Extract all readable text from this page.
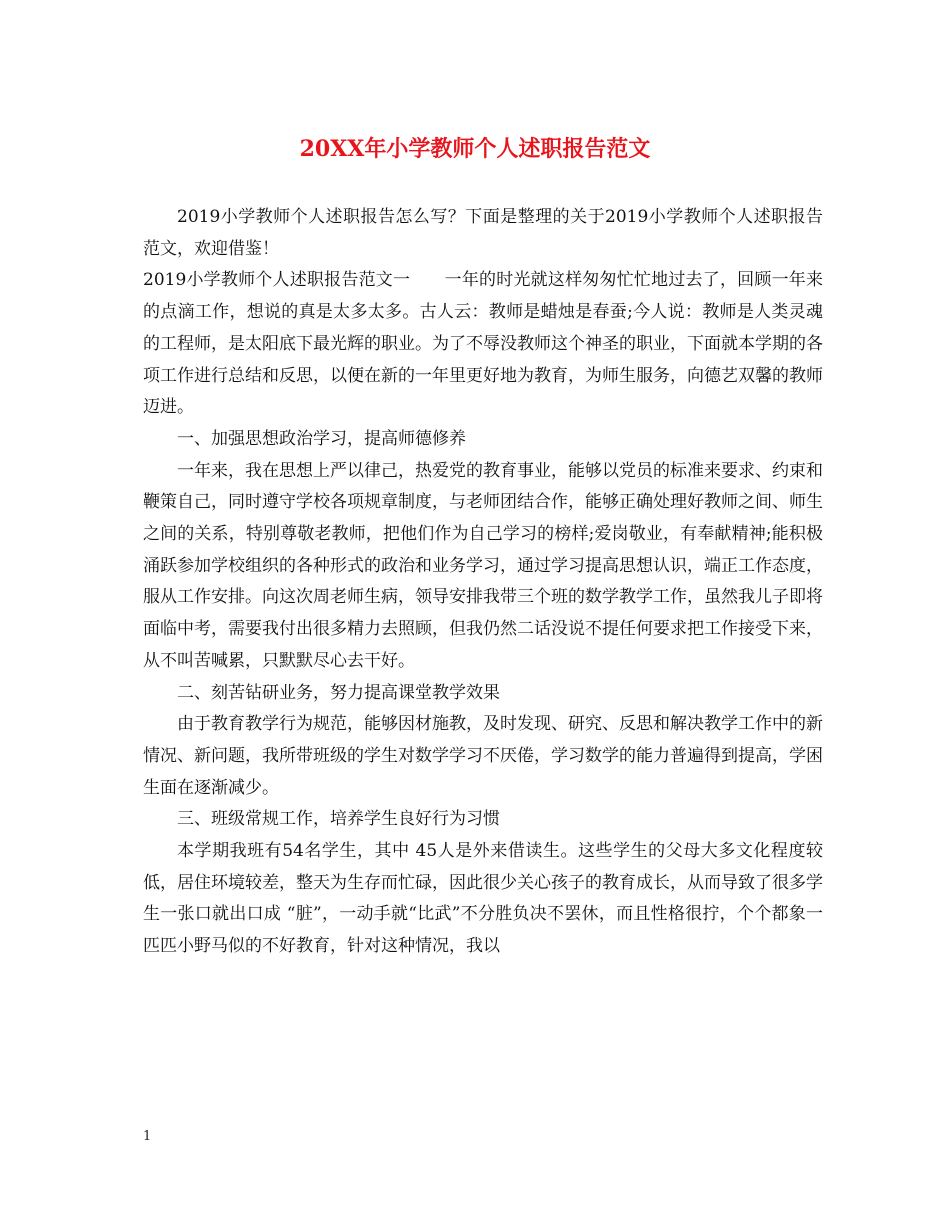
20XX年小学教师个人述职报告范文

2019小学教师个人述职报告怎么写？下面是整理的关于2019小学教师个人述职报告范文，欢迎借鉴！

2019小学教师个人述职报告范文一　　一年的时光就这样匆匆忙忙地过去了，回顾一年来的点滴工作，想说的真是太多太多。古人云：教师是蜡烛是春蚕;今人说：教师是人类灵魂的工程师，是太阳底下最光辉的职业。为了不辱没教师这个神圣的职业，下面就本学期的各项工作进行总结和反思，以便在新的一年里更好地为教育，为师生服务，向德艺双馨的教师迈进。

一、加强思想政治学习，提高师德修养

一年来，我在思想上严以律己，热爱党的教育事业，能够以党员的标准来要求、约束和鞭策自己，同时遵守学校各项规章制度，与老师团结合作，能够正确处理好教师之间、师生之间的关系，特别尊敬老教师，把他们作为自己学习的榜样;爱岗敬业，有奉献精神;能积极涌跃参加学校组织的各种形式的政治和业务学习，通过学习提高思想认识，端正工作态度，服从工作安排。向这次周老师生病，领导安排我带三个班的数学教学工作，虽然我儿子即将面临中考，需要我付出很多精力去照顾，但我仍然二话没说不提任何要求把工作接受下来，从不叫苦喊累，只默默尽心去干好。

二、刻苦钻研业务，努力提高课堂教学效果

由于教育教学行为规范，能够因材施教，及时发现、研究、反思和解决教学工作中的新情况、新问题，我所带班级的学生对数学学习不厌倦，学习数学的能力普遍得到提高，学困生面在逐渐减少。

三、班级常规工作，培养学生良好行为习惯

本学期我班有54名学生，其中 45人是外来借读生。这些学生的父母大多文化程度较低，居住环境较差，整天为生存而忙碌，因此很少关心孩子的教育成长，从而导致了很多学生一张口就出口成 “脏”，一动手就“比武”不分胜负决不罢休，而且性格很拧，个个都象一匹匹小野马似的不好教育，针对这种情况，我以

1
